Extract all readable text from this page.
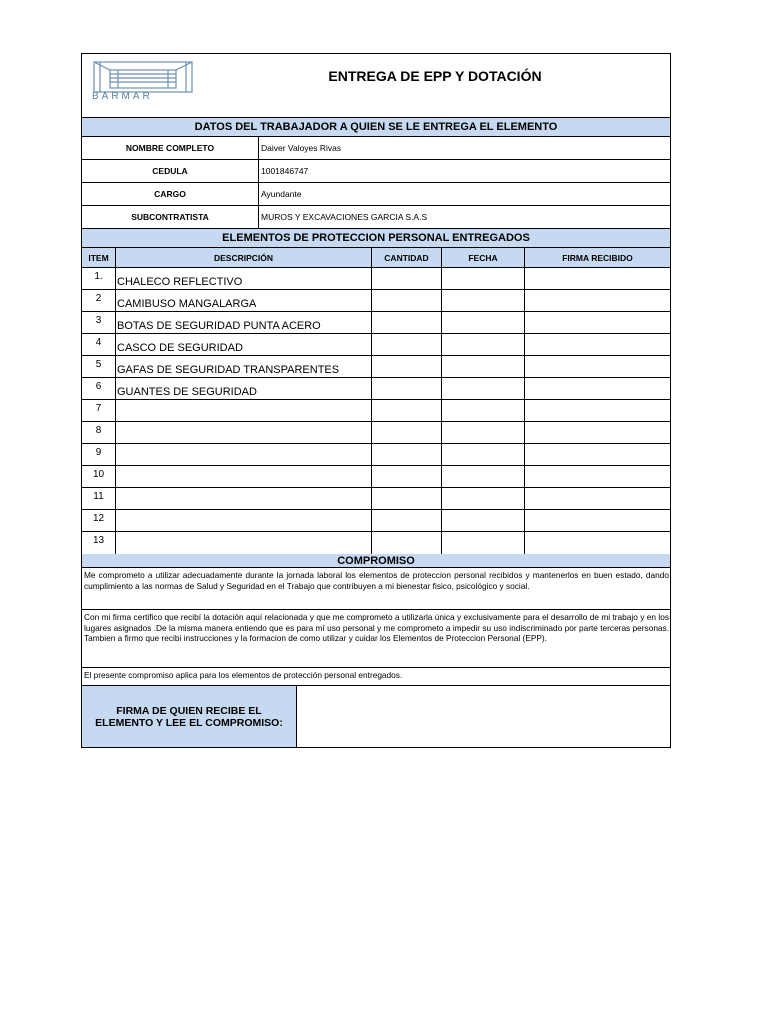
BARMAR
ENTREGA DE EPP Y DOTACIÓN
DATOS DEL TRABAJADOR A QUIEN SE LE ENTREGA EL ELEMENTO
NOMBRE COMPLETO	Daiver Valoyes Rivas
CEDULA	1001846747
CARGO	Ayundante
SUBCONTRATISTA	MUROS Y EXCAVACIONES GARCIA S.A.S
ELEMENTOS DE PROTECCION PERSONAL ENTREGADOS
ITEM	DESCRIPCIÓN	CANTIDAD	FECHA	FIRMA RECIBIDO
1.	CHALECO REFLECTIVO
2	CAMIBUSO MANGALARGA
3	BOTAS DE SEGURIDAD PUNTA ACERO
4	CASCO DE SEGURIDAD
5	GAFAS DE SEGURIDAD TRANSPARENTES
6	GUANTES DE SEGURIDAD
7
8
9
10
11
12
13
COMPROMISO
Me comprometo a utilizar adecuadamente durante la jornada laboral los elementos de proteccion personal recibidos y mantenerlos en buen estado, dando cumplimiento a las normas de Salud y Seguridad en el Trabajo que contribuyen a mi bienestar fisico, psicológico y social.
Con mi firma certifico que recibí la dotación aquí relacionada y que me comprometo a utilizarla única y exclusivamente para el desarrollo de mi trabajo y en los lugares asignados .De la misma manera entiendo que es para mí uso personal y me comprometo a impedir su uso indiscriminado por parte terceras personas. Tambien a firmo que recibi instrucciones y la formacion de como utilizar y cuidar los Elementos de Proteccion Personal (EPP).
El presente compromiso aplica para los elementos de protección personal entregados.
FIRMA DE QUIEN RECIBE EL ELEMENTO Y LEE EL COMPROMISO:
